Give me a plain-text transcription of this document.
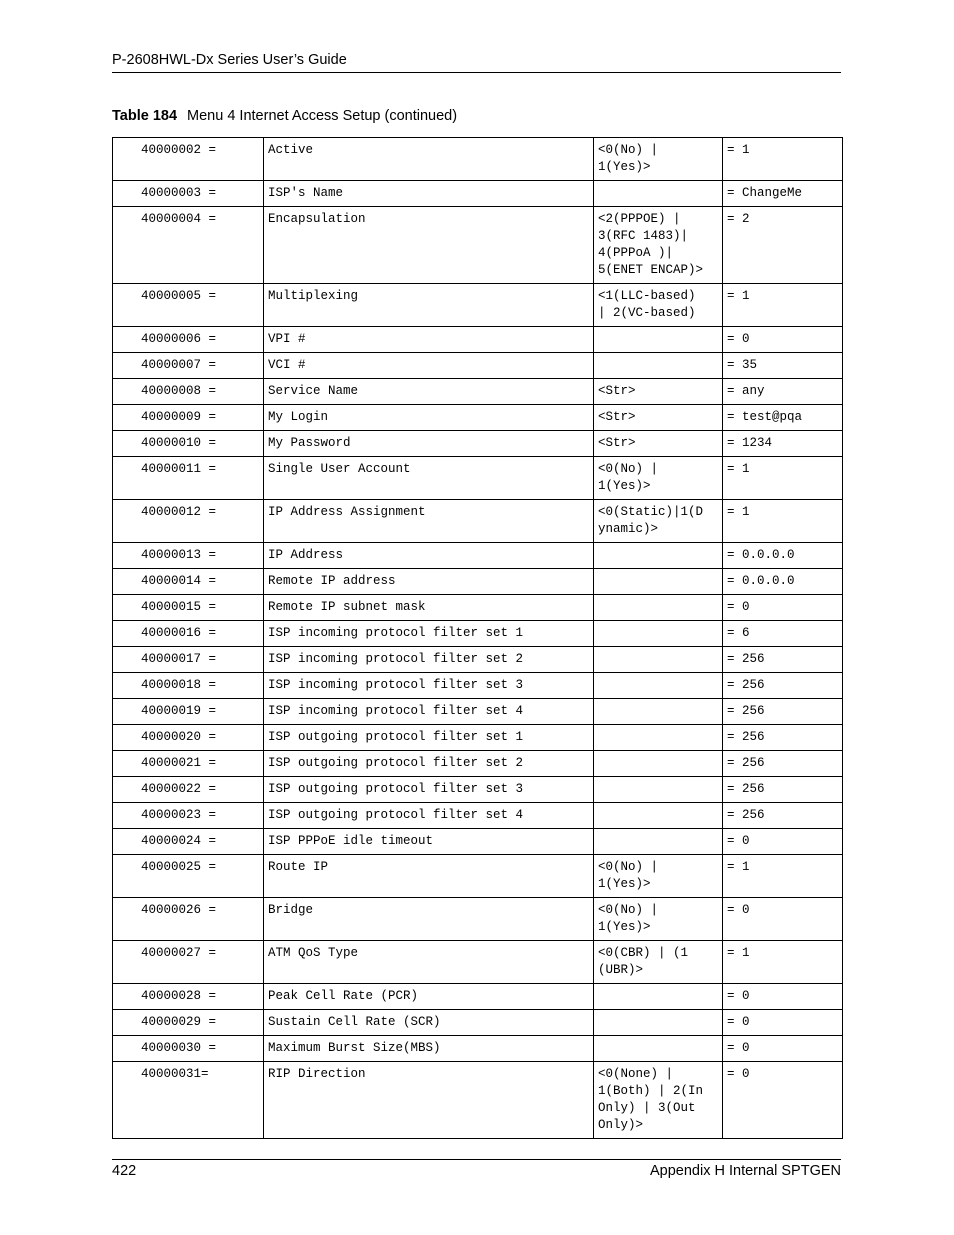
P-2608HWL-Dx Series User’s Guide
Table 184 Menu 4 Internet Access Setup (continued)
40000002 =	Active	<0(No) |
1(Yes)>	= 1
40000003 =	ISP's Name		= ChangeMe
40000004 =	Encapsulation	<2(PPPOE) |
3(RFC 1483)|
4(PPPoA )|
5(ENET ENCAP)>	= 2
40000005 =	Multiplexing	<1(LLC-based)
| 2(VC-based)	= 1
40000006 =	VPI #		= 0
40000007 =	VCI #		= 35
40000008 =	Service Name	<Str>	= any
40000009 =	My Login	<Str>	= test@pqa
40000010 =	My Password	<Str>	= 1234
40000011 =	Single User Account	<0(No) |
1(Yes)>	= 1
40000012 =	IP Address Assignment	<0(Static)|1(D
ynamic)>	= 1
40000013 =	IP Address		= 0.0.0.0
40000014 =	Remote IP address		= 0.0.0.0
40000015 =	Remote IP subnet mask		= 0
40000016 =	ISP incoming protocol filter set 1		= 6
40000017 =	ISP incoming protocol filter set 2		= 256
40000018 =	ISP incoming protocol filter set 3		= 256
40000019 =	ISP incoming protocol filter set 4		= 256
40000020 =	ISP outgoing protocol filter set 1		= 256
40000021 =	ISP outgoing protocol filter set 2		= 256
40000022 =	ISP outgoing protocol filter set 3		= 256
40000023 =	ISP outgoing protocol filter set 4		= 256
40000024 =	ISP PPPoE idle timeout		= 0
40000025 =	Route IP	<0(No) |
1(Yes)>	= 1
40000026 =	Bridge	<0(No) |
1(Yes)>	= 0
40000027 =	ATM QoS Type	<0(CBR) | (1
(UBR)>	= 1
40000028 =	Peak Cell Rate (PCR)		= 0
40000029 =	Sustain Cell Rate (SCR)		= 0
40000030 =	Maximum Burst Size(MBS)		= 0
40000031=	RIP Direction	<0(None) |
1(Both) | 2(In
Only) | 3(Out
Only)>	= 0
422	Appendix H Internal SPTGEN
